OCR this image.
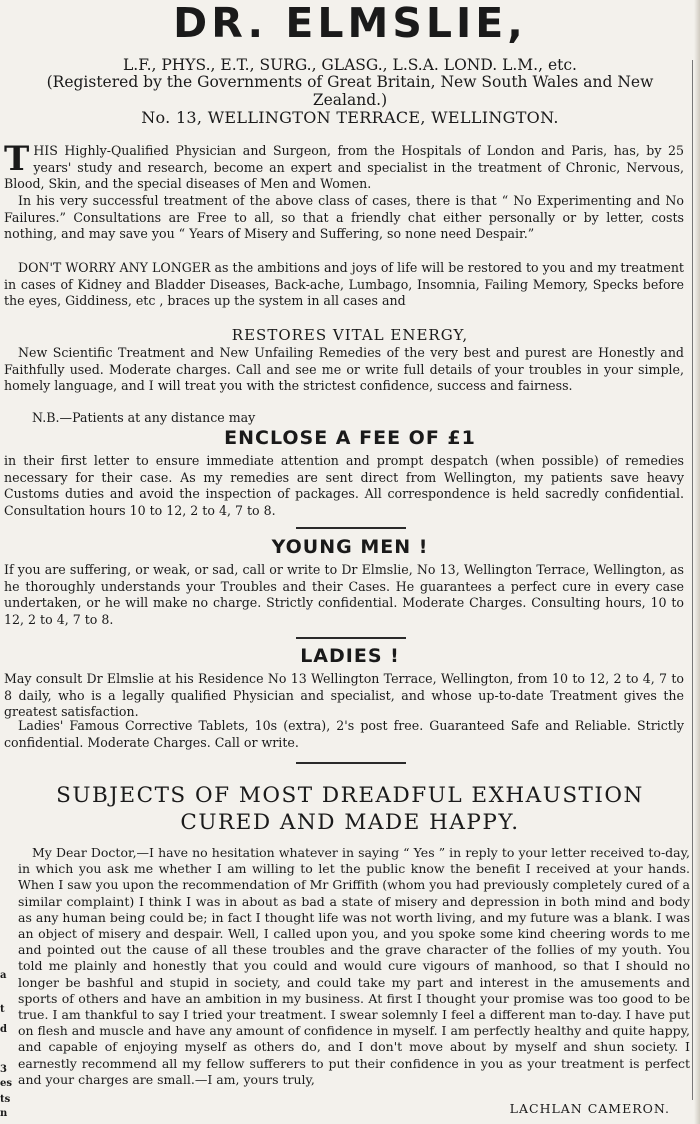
DR. ELMSLIE,
L.F., PHYS., E.T., SURG., GLASG., L.S.A. LOND. L.M., etc.
(Registered by the Governments of Great Britain, New South Wales and New Zealand.)
No. 13, WELLINGTON TERRACE, WELLINGTON.

THIS Highly-Qualified Physician and Surgeon, from the Hospitals of London and Paris, has, by 25 years' study and research, become an expert and specialist in the treatment of Chronic, Nervous, Blood, Skin, and the special diseases of Men and Women.

In his very successful treatment of the above class of cases, there is that “ No Experimenting and No Failures.” Consultations are Free to all, so that a friendly chat either personally or by letter, costs nothing, and may save you “ Years of Misery and Suffering, so none need Despair.”

DON'T WORRY ANY LONGER as the ambitions and joys of life will be restored to you and my treatment in cases of Kidney and Bladder Diseases, Back-ache, Lumbago, Insomnia, Failing Memory, Specks before the eyes, Giddiness, etc , braces up the system in all cases and

RESTORES VITAL ENERGY,

New Scientific Treatment and New Unfailing Remedies of the very best and purest are Honestly and Faithfully used. Moderate charges. Call and see me or write full details of your troubles in your simple, homely language, and I will treat you with the strictest confidence, success and fairness.

N.B.—Patients at any distance may

ENCLOSE A FEE OF £1

in their first letter to ensure immediate attention and prompt despatch (when possible) of remedies necessary for their case. As my remedies are sent direct from Wellington, my patients save heavy Customs duties and avoid the inspection of packages. All correspondence is held sacredly confidential. Consultation hours 10 to 12, 2 to 4, 7 to 8.

YOUNG MEN !

If you are suffering, or weak, or sad, call or write to Dr Elmslie, No 13, Wellington Terrace, Wellington, as he thoroughly understands your Troubles and their Cases. He guarantees a perfect cure in every case undertaken, or he will make no charge. Strictly confidential. Moderate Charges. Consulting hours, 10 to 12, 2 to 4, 7 to 8.

LADIES !

May consult Dr Elmslie at his Residence No 13 Wellington Terrace, Wellington, from 10 to 12, 2 to 4, 7 to 8 daily, who is a legally qualified Physician and specialist, and whose up-to-date Treatment gives the greatest satisfaction.

Ladies' Famous Corrective Tablets, 10s (extra), 2's post free. Guaranteed Safe and Reliable. Strictly confidential. Moderate Charges. Call or write.

SUBJECTS OF MOST DREADFUL EXHAUSTION
CURED AND MADE HAPPY.

My Dear Doctor,—I have no hesitation whatever in saying “ Yes ” in reply to your letter received to-day, in which you ask me whether I am willing to let the public know the benefit I received at your hands. When I saw you upon the recommendation of Mr Griffith (whom you had previously completely cured of a similar complaint) I think I was in about as bad a state of misery and depression in both mind and body as any human being could be; in fact I thought life was not worth living, and my future was a blank. I was an object of misery and despair. Well, I called upon you, and you spoke some kind cheering words to me and pointed out the cause of all these troubles and the grave character of the follies of my youth. You told me plainly and honestly that you could and would cure vigours of manhood, so that I should no longer be bashful and stupid in society, and could take my part and interest in the amusements and sports of others and have an ambition in my business. At first I thought your promise was too good to be true. I am thankful to say I tried your treatment. I swear solemnly I feel a different man to-day. I have put on flesh and muscle and have any amount of confidence in myself. I am perfectly healthy and quite happy, and capable of enjoying myself as others do, and I don't move about by myself and shun society. I earnestly recommend all my fellow sufferers to put their confidence in you as your treatment is perfect and your charges are small.—I am, yours truly,

LACHLAN CAMERON.
a
t
d
3
es
ts
n
